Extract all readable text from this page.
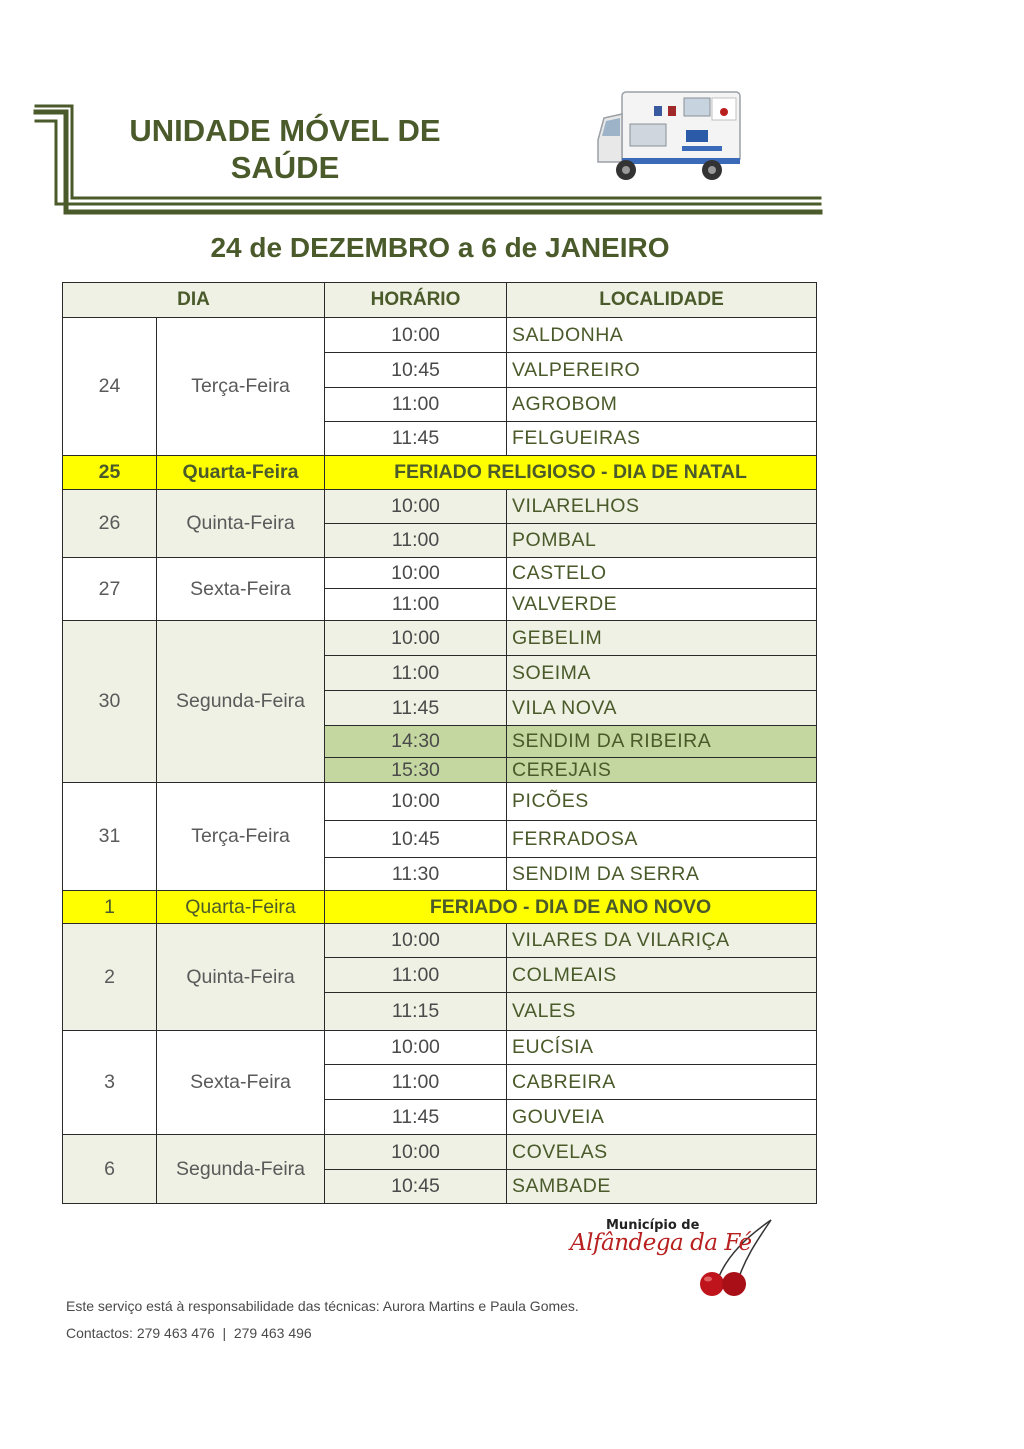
UNIDADE MÓVEL DE
SAÚDE
24 de DEZEMBRO a 6 de JANEIRO
DIA		HORÁRIO	LOCALIDADE
24	Terça-Feira	10:00	SALDONHA
		10:45	VALPEREIRO
		11:00	AGROBOM
		11:45	FELGUEIRAS
25	Quarta-Feira	FERIADO RELIGIOSO - DIA DE NATAL	
26	Quinta-Feira	10:00	VILARELHOS
		11:00	POMBAL
27	Sexta-Feira	10:00	CASTELO
		11:00	VALVERDE
30	Segunda-Feira	10:00	GEBELIM
		11:00	SOEIMA
		11:45	VILA NOVA
		14:30	SENDIM DA RIBEIRA
		15:30	CEREJAIS
31	Terça-Feira	10:00	PICÕES
		10:45	FERRADOSA
		11:30	SENDIM DA SERRA
1	Quarta-Feira	FERIADO - DIA DE ANO NOVO	
2	Quinta-Feira	10:00	VILARES DA VILARIÇA
		11:00	COLMEAIS
		11:15	VALES
3	Sexta-Feira	10:00	EUCÍSIA
		11:00	CABREIRA
		11:45	GOUVEIA
6	Segunda-Feira	10:00	COVELAS
		10:45	SAMBADE
Município de
Alfândega da Fé
Este serviço está à responsabilidade das técnicas: Aurora Martins e Paula Gomes.
Contactos: 279 463 476  |  279 463 496
